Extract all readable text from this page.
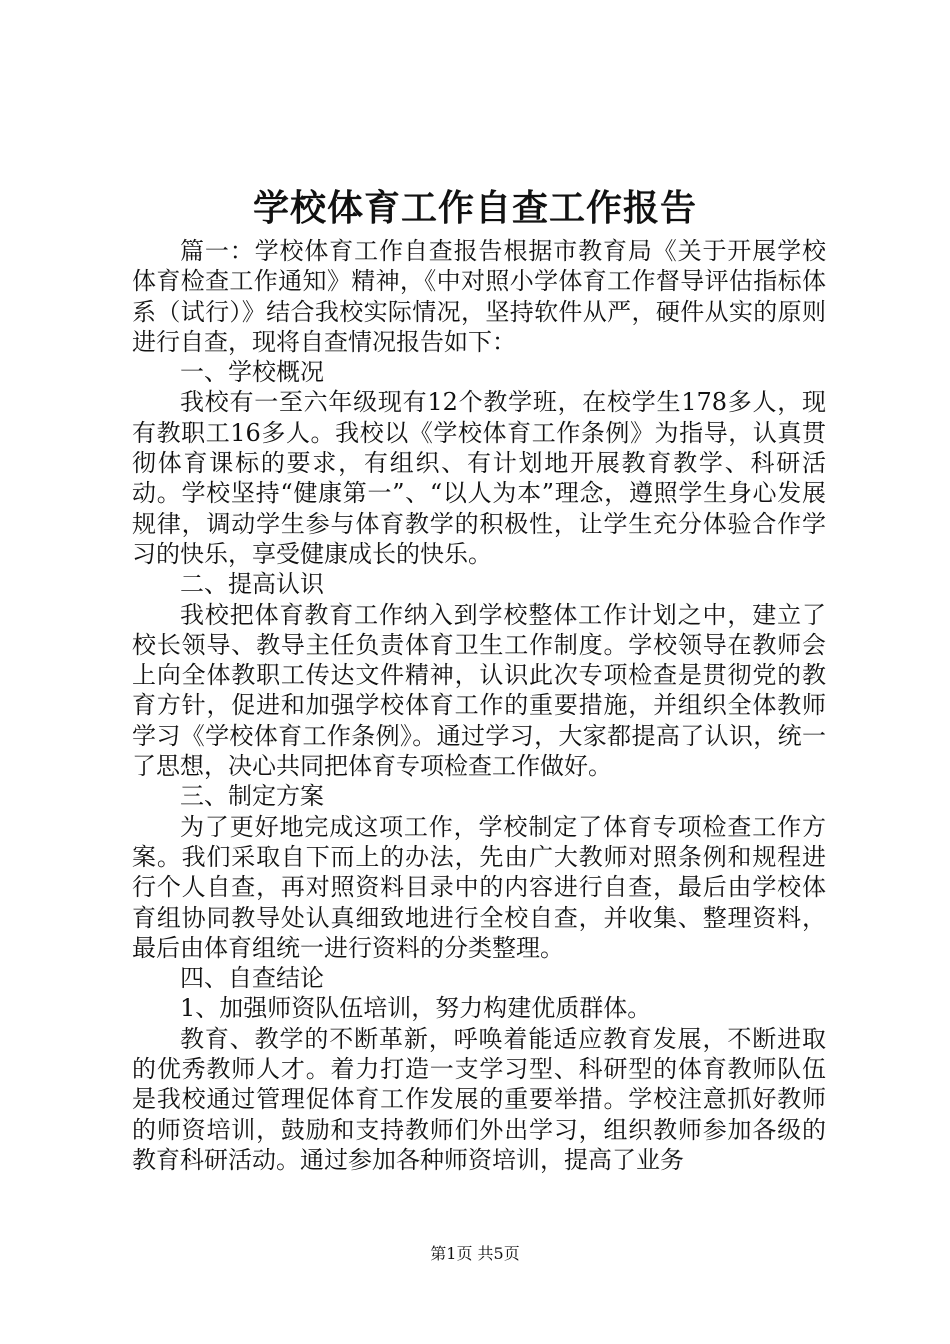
学校体育工作自查工作报告

篇一：学校体育工作自查报告根据市教育局《关于开展学校体育检查工作通知》精神，《中对照小学体育工作督导评估指标体系（试行）》结合我校实际情况，坚持软件从严，硬件从实的原则进行自查，现将自查情况报告如下：

一、学校概况

我校有一至六年级现有12个教学班，在校学生178多人，现有教职工16多人。我校以《学校体育工作条例》为指导，认真贯彻体育课标的要求，有组织、有计划地开展教育教学、科研活动。学校坚持“健康第一”、“以人为本”理念，遵照学生身心发展规律，调动学生参与体育教学的积极性，让学生充分体验合作学习的快乐，享受健康成长的快乐。

二、提高认识

我校把体育教育工作纳入到学校整体工作计划之中，建立了校长领导、教导主任负责体育卫生工作制度。学校领导在教师会上向全体教职工传达文件精神，认识此次专项检查是贯彻党的教育方针，促进和加强学校体育工作的重要措施，并组织全体教师学习《学校体育工作条例》。通过学习，大家都提高了认识，统一了思想，决心共同把体育专项检查工作做好。

三、制定方案

为了更好地完成这项工作，学校制定了体育专项检查工作方案。我们采取自下而上的办法，先由广大教师对照条例和规程进行个人自查，再对照资料目录中的内容进行自查，最后由学校体育组协同教导处认真细致地进行全校自查，并收集、整理资料，最后由体育组统一进行资料的分类整理。

四、自查结论

1、加强师资队伍培训，努力构建优质群体。

教育、教学的不断革新，呼唤着能适应教育发展，不断进取的优秀教师人才。着力打造一支学习型、科研型的体育教师队伍是我校通过管理促体育工作发展的重要举措。学校注意抓好教师的师资培训，鼓励和支持教师们外出学习，组织教师参加各级的教育科研活动。通过参加各种师资培训，提高了业务

第1页 共5页
